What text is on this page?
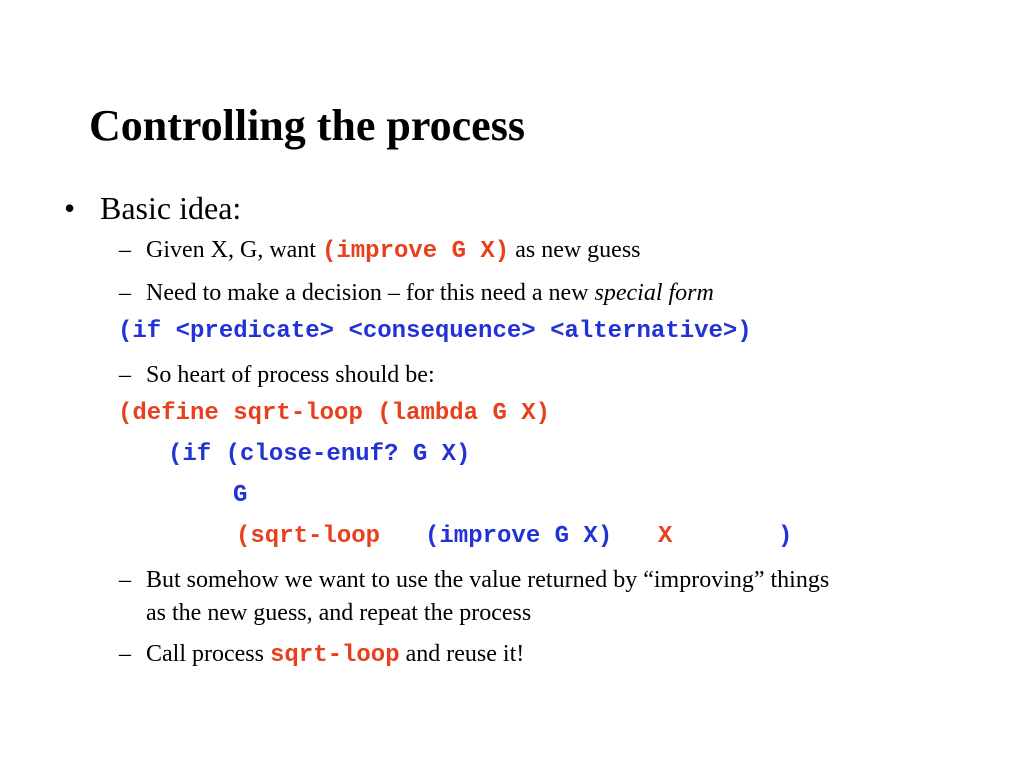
Controlling the process
• Basic idea:
– Given X, G, want (improve G X) as new guess
– Need to make a decision – for this need a new special form
(if <predicate> <consequence> <alternative>)
– So heart of process should be:
(define sqrt-loop (lambda G X)
(if (close-enuf? G X)
G
(sqrt-loop (improve G X) X	)
– But somehow we want to use the value returned by “improving” things
as the new guess, and repeat the process
– Call process sqrt-loop and reuse it!
